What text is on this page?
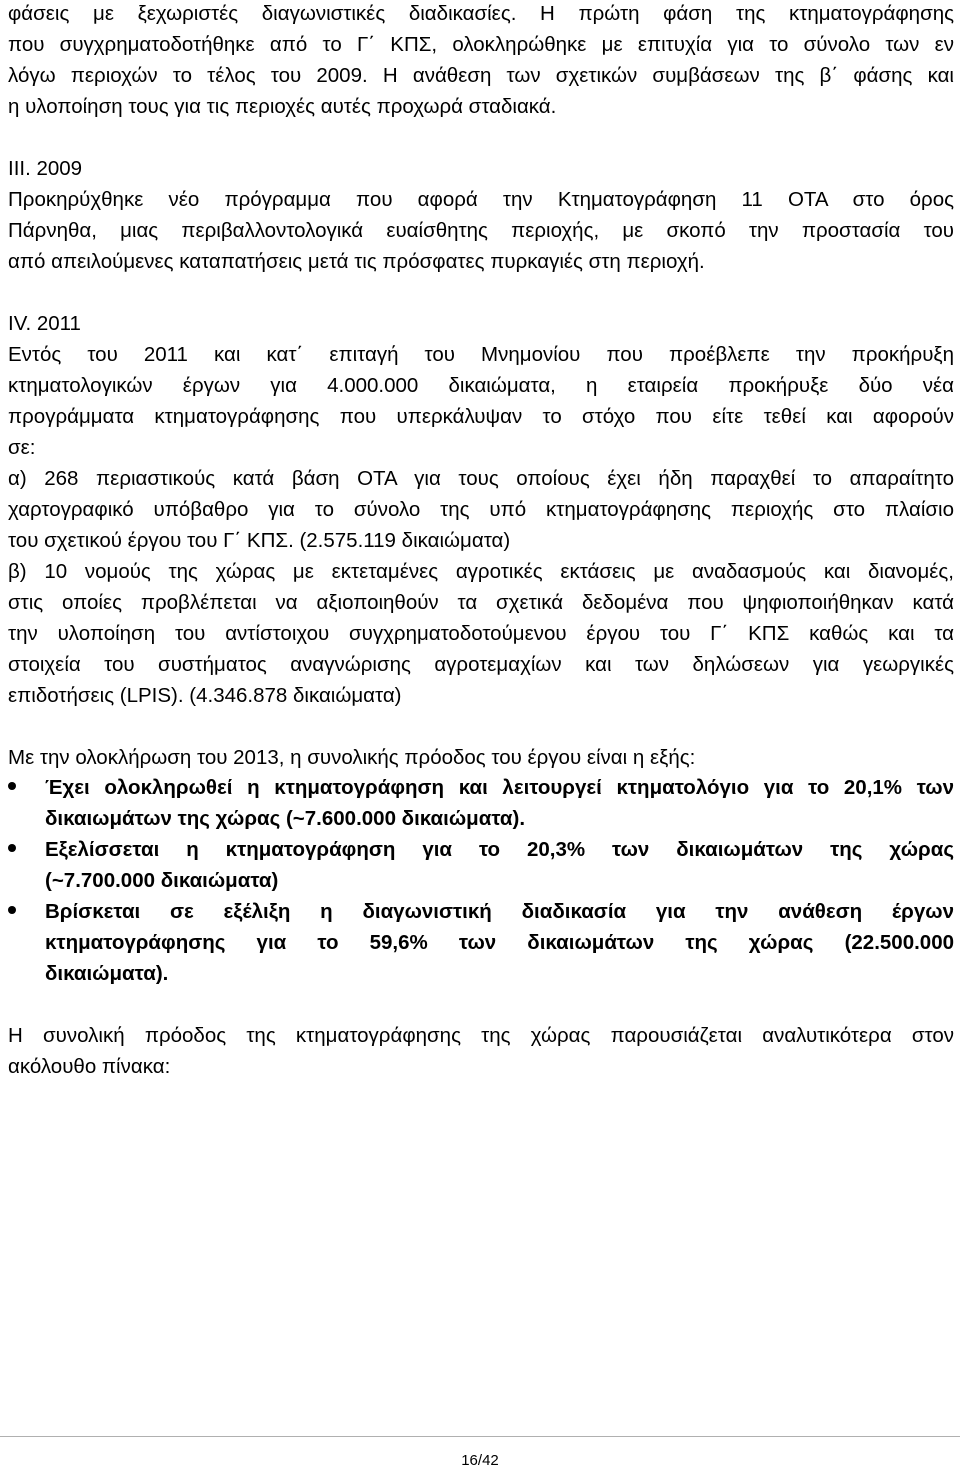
φάσεις με ξεχωριστές διαγωνιστικές διαδικασίες. Η πρώτη φάση της κτηματογράφησης
που συγχρηματοδοτήθηκε από το Γ΄ ΚΠΣ, ολοκληρώθηκε με επιτυχία για το σύνολο των εν
λόγω περιοχών το τέλος του 2009. Η ανάθεση των σχετικών συμβάσεων της β΄ φάσης και
η υλοποίηση τους για τις περιοχές αυτές προχωρά σταδιακά.
III. 2009
Προκηρύχθηκε νέο πρόγραμμα που αφορά την Κτηματογράφηση 11 ΟΤΑ στο όρος
Πάρνηθα, μιας περιβαλλοντολογικά ευαίσθητης περιοχής, με σκοπό την προστασία του
από απειλούμενες καταπατήσεις μετά τις πρόσφατες πυρκαγιές στη περιοχή.
IV. 2011
Εντός του 2011 και κατ΄ επιταγή του Μνημονίου που προέβλεπε την προκήρυξη
κτηματολογικών έργων για 4.000.000 δικαιώματα, η εταιρεία προκήρυξε δύο νέα
προγράμματα κτηματογράφησης που υπερκάλυψαν το στόχο που είτε τεθεί και αφορούν
σε:
α) 268 περιαστικούς κατά βάση ΟΤΑ για τους οποίους έχει ήδη παραχθεί το απαραίτητο
χαρτογραφικό υπόβαθρο για το σύνολο της υπό κτηματογράφησης περιοχής στο πλαίσιο
του σχετικού έργου του Γ΄ ΚΠΣ. (2.575.119 δικαιώματα)
β) 10 νομούς της χώρας με εκτεταμένες αγροτικές εκτάσεις με αναδασμούς και διανομές,
στις οποίες προβλέπεται να αξιοποιηθούν τα σχετικά δεδομένα που ψηφιοποιήθηκαν κατά
την υλοποίηση του αντίστοιχου συγχρηματοδοτούμενου έργου του Γ΄ ΚΠΣ καθώς και τα
στοιχεία του συστήματος αναγνώρισης αγροτεμαχίων και των δηλώσεων για γεωργικές
επιδοτήσεις (LPIS). (4.346.878 δικαιώματα)
Με την ολοκλήρωση του 2013, η συνολικής πρόοδος του έργου είναι η εξής:
Έχει ολοκληρωθεί η κτηματογράφηση και λειτουργεί κτηματολόγιο για το 20,1% των
δικαιωμάτων της χώρας (~7.600.000 δικαιώματα).
Εξελίσσεται η κτηματογράφηση για το 20,3% των δικαιωμάτων της χώρας
(~7.700.000 δικαιώματα)
Βρίσκεται σε εξέλιξη η διαγωνιστική διαδικασία για την ανάθεση έργων
κτηματογράφησης για το 59,6% των δικαιωμάτων της χώρας (22.500.000
δικαιώματα).
Η συνολική πρόοδος της κτηματογράφησης της χώρας παρουσιάζεται αναλυτικότερα στον
ακόλουθο πίνακα:
16/42
